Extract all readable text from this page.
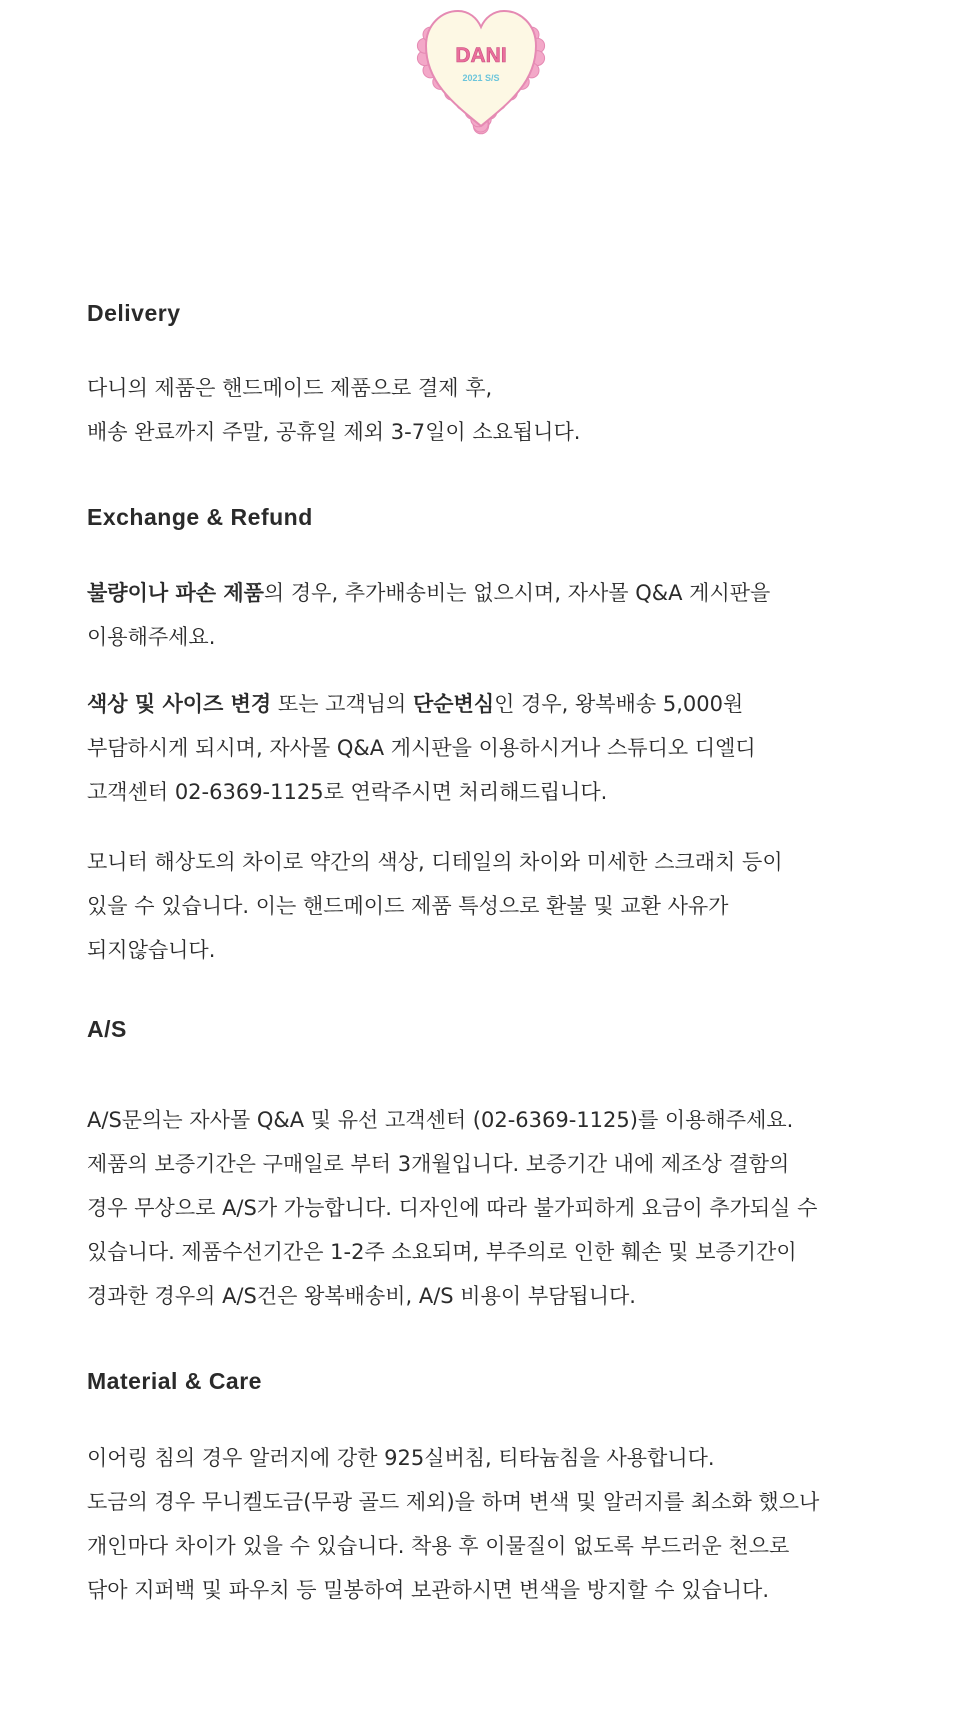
DANI
2021 S/S
Delivery
다니의 제품은 핸드메이드 제품으로 결제 후,
배송 완료까지 주말, 공휴일 제외 3-7일이 소요됩니다.
Exchange & Refund
불량이나 파손 제품의 경우, 추가배송비는 없으시며, 자사몰 Q&A 게시판을
이용해주세요.
색상 및 사이즈 변경 또는 고객님의 단순변심인 경우, 왕복배송 5,000원
부담하시게 되시며, 자사몰 Q&A 게시판을 이용하시거나 스튜디오 디엘디
고객센터 02-6369-1125로 연락주시면 처리해드립니다.
모니터 해상도의 차이로 약간의 색상, 디테일의 차이와 미세한 스크래치 등이
있을 수 있습니다. 이는 핸드메이드 제품 특성으로 환불 및 교환 사유가
되지않습니다.
A/S
A/S문의는 자사몰 Q&A 및 유선 고객센터 (02-6369-1125)를 이용해주세요.
제품의 보증기간은 구매일로 부터 3개월입니다. 보증기간 내에 제조상 결함의
경우 무상으로 A/S가 가능합니다. 디자인에 따라 불가피하게 요금이 추가되실 수
있습니다. 제품수선기간은 1-2주 소요되며, 부주의로 인한 훼손 및 보증기간이
경과한 경우의 A/S건은 왕복배송비, A/S 비용이 부담됩니다.
Material & Care
이어링 침의 경우 알러지에 강한 925실버침, 티타늄침을 사용합니다.
도금의 경우 무니켈도금(무광 골드 제외)을 하며 변색 및 알러지를 최소화 했으나
개인마다 차이가 있을 수 있습니다. 착용 후 이물질이 없도록 부드러운 천으로
닦아 지퍼백 및 파우치 등 밀봉하여 보관하시면 변색을 방지할 수 있습니다.
